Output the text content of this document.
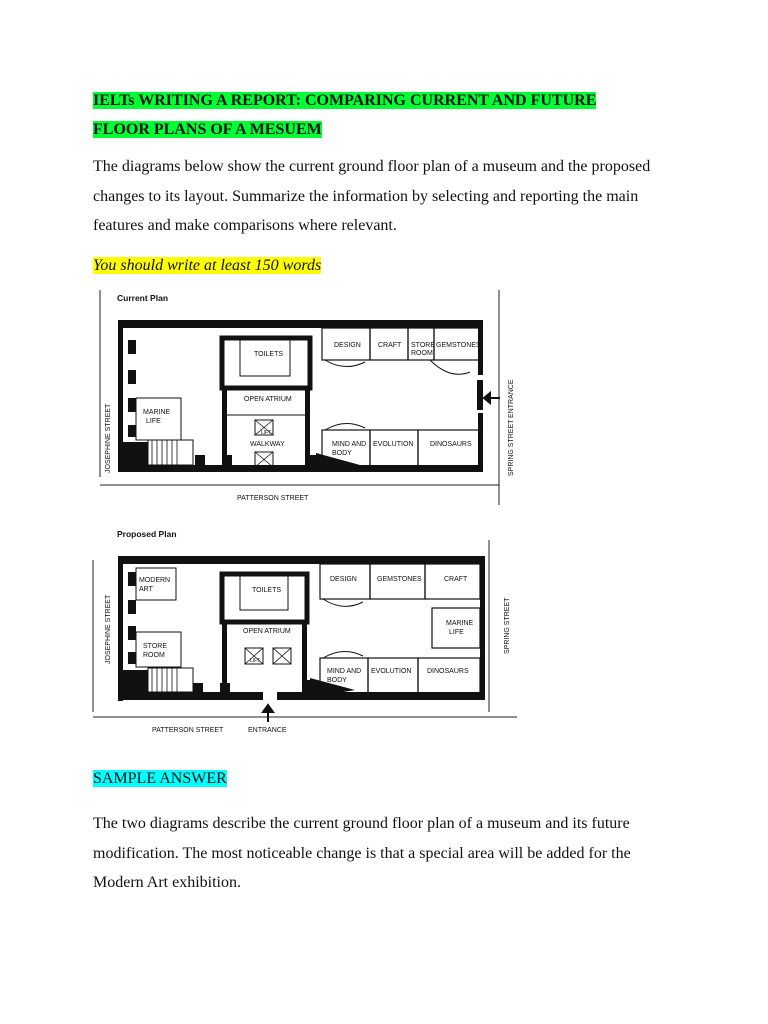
IELTs WRITING A REPORT: COMPARING CURRENT AND FUTURE
FLOOR PLANS OF A MESUEM
The diagrams below show the current ground floor plan of a museum and the proposed changes to its layout. Summarize the information by selecting and reporting the main features and make comparisons where relevant.
You should write at least 150 words
Current Plan
TOILETS
OPEN ATRIUM
WALKWAY
LIFT
MARINE
LIFE
DESIGN CRAFT STORE
ROOM
GEMSTONES
MIND AND
BODY
EVOLUTION DINOSAURS
JOSEPHINE STREET	SPRING STREET
ENTRANCE
PATTERSON STREET
Proposed Plan
MODERN
ART
STORE
ROOM
TOILETS
OPEN ATRIUM
LIFT
DESIGN	GEMSTONES	CRAFT
MARINE
LIFE
MIND AND
BODY
EVOLUTION DINOSAURS
JOSEPHINE STREET	SPRING STREET
PATTERSON STREET	ENTRANCE
SAMPLE ANSWER
The two diagrams describe the current ground floor plan of a museum and its future modification. The most noticeable change is that a special area will be added for the Modern Art exhibition.
